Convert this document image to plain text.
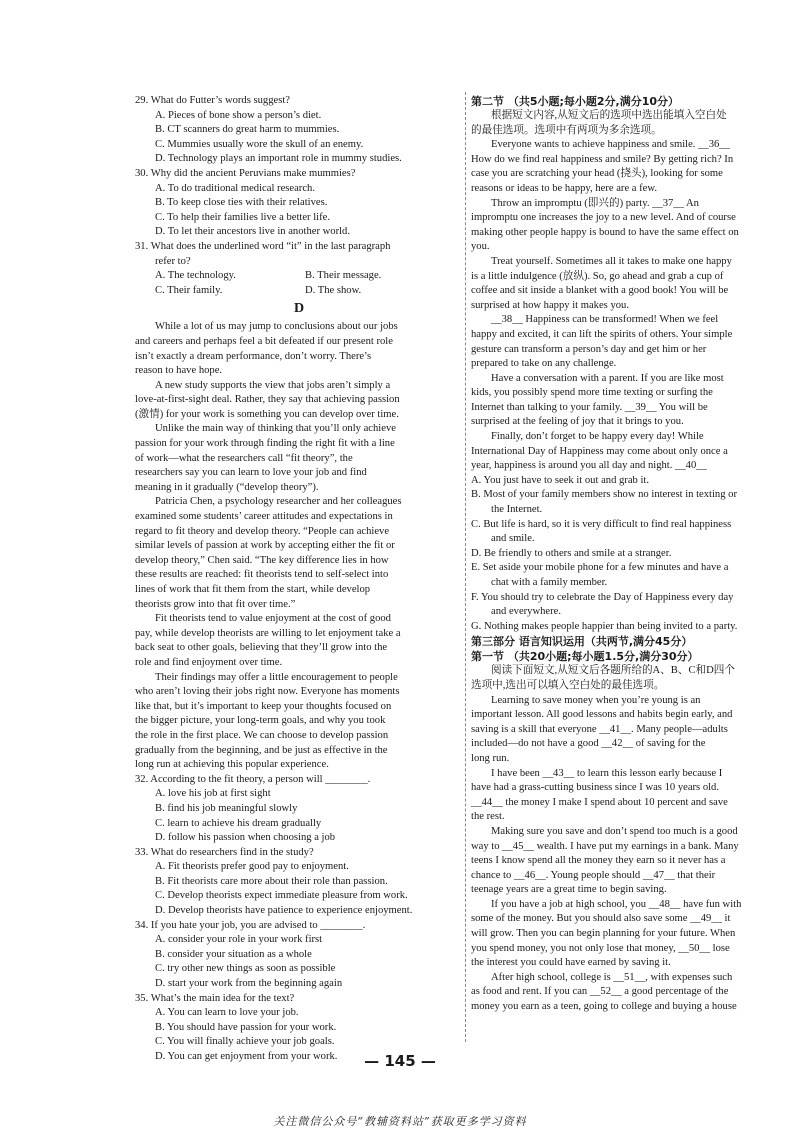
29. What do Futter’s words suggest?
A. Pieces of bone show a person’s diet.
B. CT scanners do great harm to mummies.
C. Mummies usually wore the skull of an enemy.
D. Technology plays an important role in mummy studies.
30. Why did the ancient Peruvians make mummies?
A. To do traditional medical research.
B. To keep close ties with their relatives.
C. To help their families live a better life.
D. To let their ancestors live in another world.
31. What does the underlined word “it” in the last paragraph
refer to?
A. The technology.	B. Their message.
C. Their family.	D. The show.
D
While a lot of us may jump to conclusions about our jobs
and careers and perhaps feel a bit defeated if our present role
isn’t exactly a dream performance, don’t worry. There’s
reason to have hope.
A new study supports the view that jobs aren’t simply a
love-at-first-sight deal. Rather, they say that achieving passion
(激情) for your work is something you can develop over time.
Unlike the main way of thinking that you’ll only achieve
passion for your work through finding the right fit with a line
of work—what the researchers call “fit theory”, the
researchers say you can learn to love your job and find
meaning in it gradually (“develop theory”).
Patricia Chen, a psychology researcher and her colleagues
examined some students’ career attitudes and expectations in
regard to fit theory and develop theory. “People can achieve
similar levels of passion at work by accepting either the fit or
develop theory,” Chen said. “The key difference lies in how
these results are reached: fit theorists tend to self-select into
lines of work that fit them from the start, while develop
theorists grow into that fit over time.”
Fit theorists tend to value enjoyment at the cost of good
pay, while develop theorists are willing to let enjoyment take a
back seat to other goals, believing that they’ll grow into the
role and find enjoyment over time.
Their findings may offer a little encouragement to people
who aren’t loving their jobs right now. Everyone has moments
like that, but it’s important to keep your thoughts focused on
the bigger picture, your long-term goals, and why you took
the role in the first place. We can choose to develop passion
gradually from the beginning, and be just as effective in the
long run at achieving this popular experience.
32. According to the fit theory, a person will ________.
A. love his job at first sight
B. find his job meaningful slowly
C. learn to achieve his dream gradually
D. follow his passion when choosing a job
33. What do researchers find in the study?
A. Fit theorists prefer good pay to enjoyment.
B. Fit theorists care more about their role than passion.
C. Develop theorists expect immediate pleasure from work.
D. Develop theorists have patience to experience enjoyment.
34. If you hate your job, you are advised to ________.
A. consider your role in your work first
B. consider your situation as a whole
C. try other new things as soon as possible
D. start your work from the beginning again
35. What’s the main idea for the text?
A. You can learn to love your job.
B. You should have passion for your work.
C. You will finally achieve your job goals.
D. You can get enjoyment from your work.
第二节 （共5小题;每小题2分,满分10分）
根据短文内容,从短文后的选项中选出能填入空白处
的最佳选项。选项中有两项为多余选项。
Everyone wants to achieve happiness and smile. __36__
How do we find real happiness and smile? By getting rich? In
case you are scratching your head (挠头), looking for some
reasons or ideas to be happy, here are a few.
Throw an impromptu (即兴的) party. __37__ An
impromptu one increases the joy to a new level. And of course
making other people happy is bound to have the same effect on
you.
Treat yourself. Sometimes all it takes to make one happy
is a little indulgence (放纵). So, go ahead and grab a cup of
coffee and sit inside a blanket with a good book! You will be
surprised at how happy it makes you.
__38__ Happiness can be transformed! When we feel
happy and excited, it can lift the spirits of others. Your simple
gesture can transform a person’s day and get him or her
prepared to take on any challenge.
Have a conversation with a parent. If you are like most
kids, you possibly spend more time texting or surfing the
Internet than talking to your family. __39__ You will be
surprised at the feeling of joy that it brings to you.
Finally, don’t forget to be happy every day! While
International Day of Happiness may come about only once a
year, happiness is around you all day and night. __40__
A. You just have to seek it out and grab it.
B. Most of your family members show no interest in texting or
the Internet.
C. But life is hard, so it is very difficult to find real happiness
and smile.
D. Be friendly to others and smile at a stranger.
E. Set aside your mobile phone for a few minutes and have a
chat with a family member.
F. You should try to celebrate the Day of Happiness every day
and everywhere.
G. Nothing makes people happier than being invited to a party.
第三部分 语言知识运用（共两节,满分45分）
第一节 （共20小题;每小题1.5分,满分30分）
阅读下面短文,从短文后各题所给的A、B、C和D四个
选项中,选出可以填入空白处的最佳选项。
Learning to save money when you’re young is an
important lesson. All good lessons and habits begin early, and
saving is a skill that everyone __41__. Many people—adults
included—do not have a good __42__ of saving for the
long run.
I have been __43__ to learn this lesson early because I
have had a grass-cutting business since I was 10 years old.
__44__ the money I make I spend about 10 percent and save
the rest.
Making sure you save and don’t spend too much is a good
way to __45__ wealth. I have put my earnings in a bank. Many
teens I know spend all the money they earn so it never has a
chance to __46__. Young people should __47__ that their
teenage years are a great time to begin saving.
If you have a job at high school, you __48__ have fun with
some of the money. But you should also save some __49__ it
will grow. Then you can begin planning for your future. When
you spend money, you not only lose that money, __50__ lose
the interest you could have earned by saving it.
After high school, college is __51__, with expenses such
as food and rent. If you can __52__ a good percentage of the
money you earn as a teen, going to college and buying a house
— 145 —
关注微信公众号“教辅资料站”获取更多学习资料
